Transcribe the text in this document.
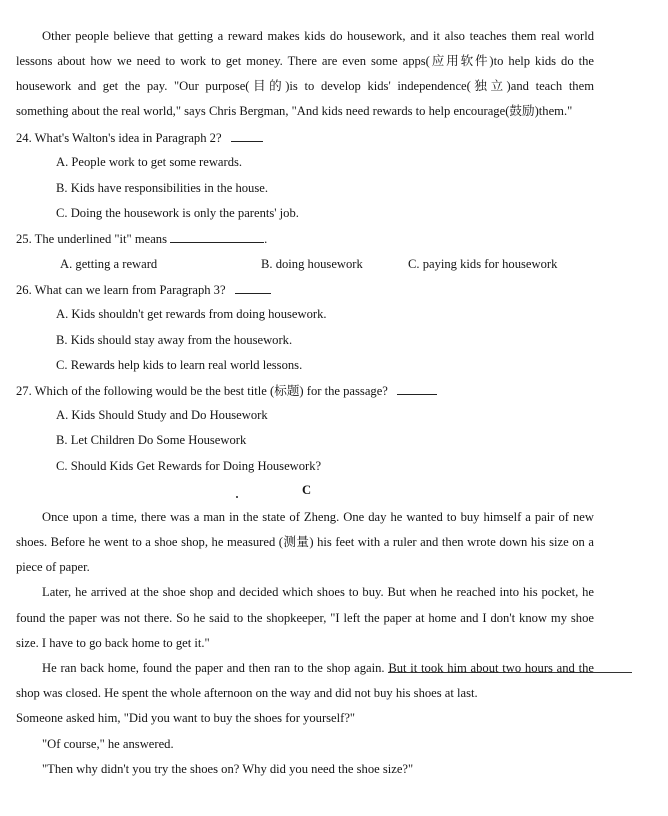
Other people believe that getting a reward makes kids do housework, and it also teaches them real world
lessons about how we need to work to get money. There are even some apps(应用软件)to help kids do the
housework and get the pay. "Our purpose(目的)is to develop kids' independence(独立)and teach them
something about the real world," says Chris Bergman, "And kids need rewards to help encourage(鼓励)them."
24. What's Walton's idea in Paragraph 2?
A. People work to get some rewards.
B. Kids have responsibilities in the house.
C. Doing the housework is only the parents' job.
25. The underlined "it" means	.
A. getting a reward	B. doing housework	C. paying kids for housework
26. What can we learn from Paragraph 3?
A. Kids shouldn't get rewards from doing housework.
B. Kids should stay away from the housework.
C. Rewards help kids to learn real world lessons.
27. Which of the following would be the best title (标题) for the passage?
A. Kids Should Study and Do Housework
B. Let Children Do Some Housework
C. Should Kids Get Rewards for Doing Housework?
C
Once upon a time, there was a man in the state of Zheng. One day he wanted to buy himself a pair of new
shoes. Before he went to a shoe shop, he measured (测量) his feet with a ruler and then wrote down his size on a
piece of paper.
Later, he arrived at the shoe shop and decided which shoes to buy. But when he reached into his pocket, he
found the paper was not there. So he said to the shopkeeper, "I left the paper at home and I don't know my shoe
size. I have to go back home to get it."
He ran back home, found the paper and then ran to the shop again. But it took him about two hours and the
shop was closed. He spent the whole afternoon on the way and did not buy his shoes at last.
Someone asked him, "Did you want to buy the shoes for yourself?"
"Of course," he answered.
"Then why didn't you try the shoes on? Why did you need the shoe size?"
